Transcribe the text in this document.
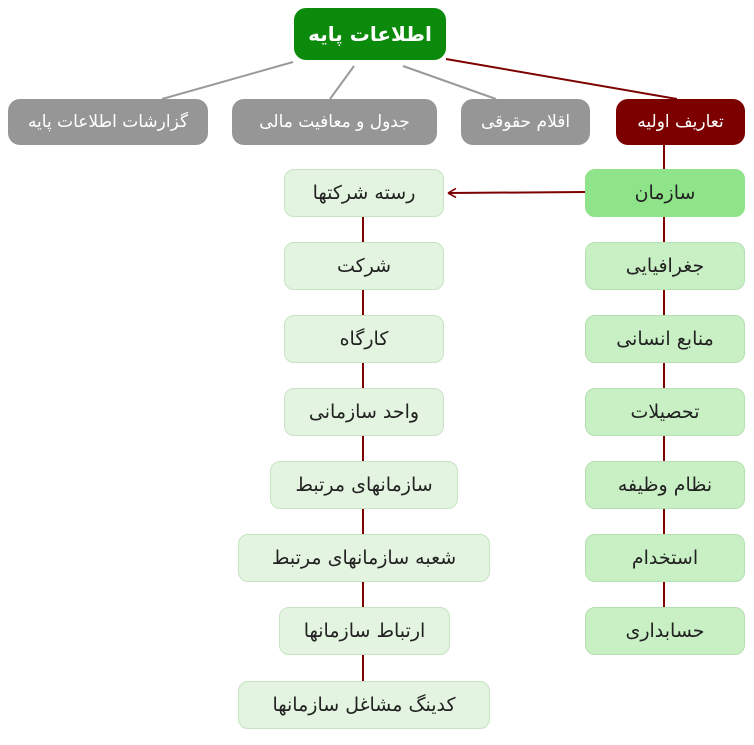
اطلاعات پایه
تعاریف اولیه
اقلام حقوقی
جدول و معافیت مالی
گزارشات اطلاعات پایه
سازمان
جغرافیایی
منابع انسانی
تحصیلات
نظام وظیفه
استخدام
حسابداری
رسته شرکتها
شرکت
کارگاه
واحد سازمانی
سازمانهای مرتبط
شعبه سازمانهای مرتبط
ارتباط سازمانها
کدینگ مشاغل سازمانها
